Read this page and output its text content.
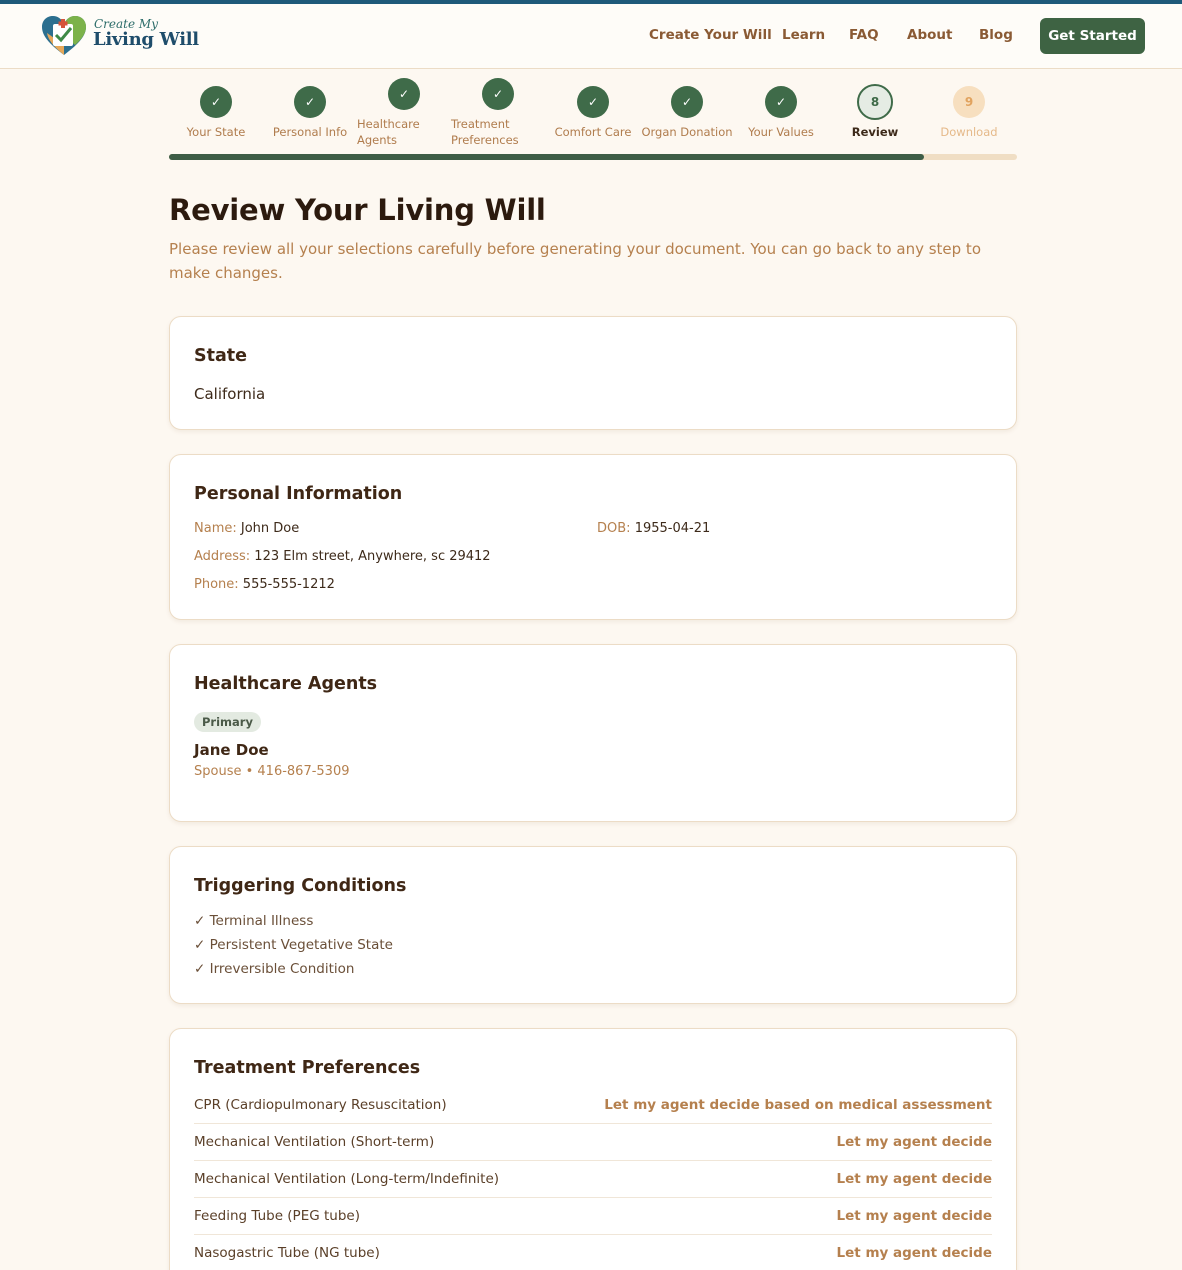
Create My
Living Will	Create Your Will Learn FAQ About Blog	Get Started
✓
Your State
✓
Personal Info
✓
Healthcare Agents
✓
Treatment Preferences
✓
Comfort Care
✓
Organ Donation
✓
Your Values
8
Review
9
Download
Review Your Living Will

Please review all your selections carefully before generating your document. You can go back to any step to make changes.

State
California
Personal Information
Name: John Doe	DOB: 1955-04-21
Address: 123 Elm street, Anywhere, sc 29412
Phone: 555-555-1212
Healthcare Agents
Primary
Jane Doe
Spouse • 416-867-5309
Triggering Conditions
✓ Terminal Illness
✓ Persistent Vegetative State
✓ Irreversible Condition
Treatment Preferences
CPR (Cardiopulmonary Resuscitation)	Let my agent decide based on medical assessment
Mechanical Ventilation (Short-term)	Let my agent decide
Mechanical Ventilation (Long-term/Indefinite)	Let my agent decide
Feeding Tube (PEG tube)	Let my agent decide
Nasogastric Tube (NG tube)	Let my agent decide
